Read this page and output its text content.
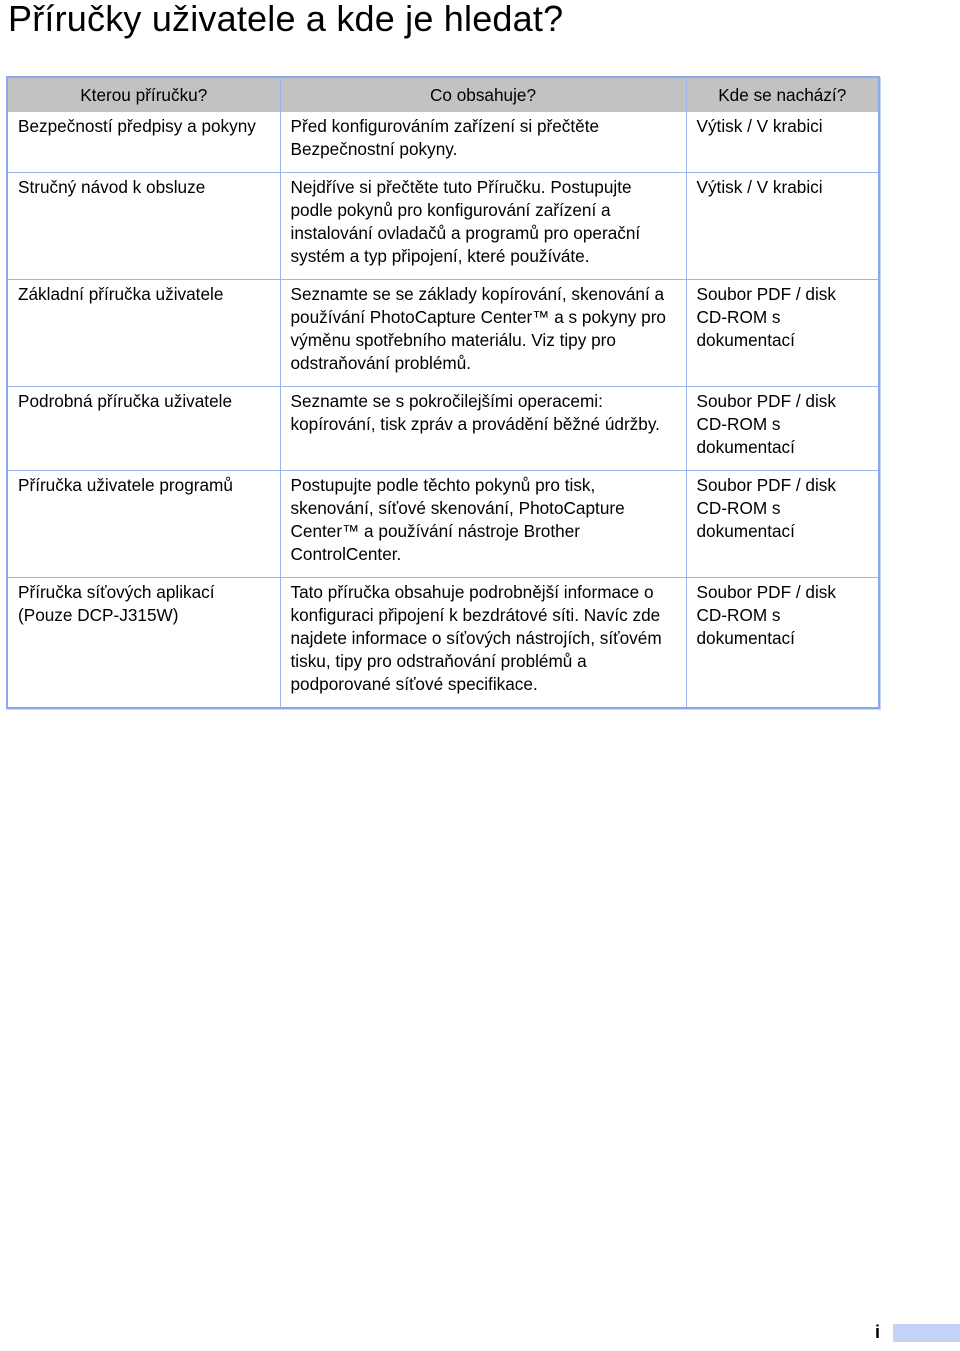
Příručky uživatele a kde je hledat?
Kterou příručku?	Co obsahuje?	Kde se nachází?
Bezpečností předpisy a pokyny	Před konfigurováním zařízení si přečtěte Bezpečnostní pokyny.	Výtisk / V krabici
Stručný návod k obsluze	Nejdříve si přečtěte tuto Příručku. Postupujte podle pokynů pro konfigurování zařízení a instalování ovladačů a programů pro operační systém a typ připojení, které používáte.	Výtisk / V krabici
Základní příručka uživatele	Seznamte se se základy kopírování, skenování a používání PhotoCapture Center™ a s pokyny pro výměnu spotřebního materiálu. Viz tipy pro odstraňování problémů.	Soubor PDF / disk CD-ROM s dokumentací
Podrobná příručka uživatele	Seznamte se s pokročilejšími operacemi: kopírování, tisk zpráv a provádění běžné údržby.	Soubor PDF / disk CD-ROM s dokumentací
Příručka uživatele programů	Postupujte podle těchto pokynů pro tisk, skenování, síťové skenování, PhotoCapture Center™ a používání nástroje Brother ControlCenter.	Soubor PDF / disk CD-ROM s dokumentací
Příručka síťových aplikací (Pouze DCP-J315W)	Tato příručka obsahuje podrobnější informace o konfiguraci připojení k bezdrátové síti. Navíc zde najdete informace o síťových nástrojích, síťovém tisku, tipy pro odstraňování problémů a podporované síťové specifikace.	Soubor PDF / disk CD-ROM s dokumentací
i
